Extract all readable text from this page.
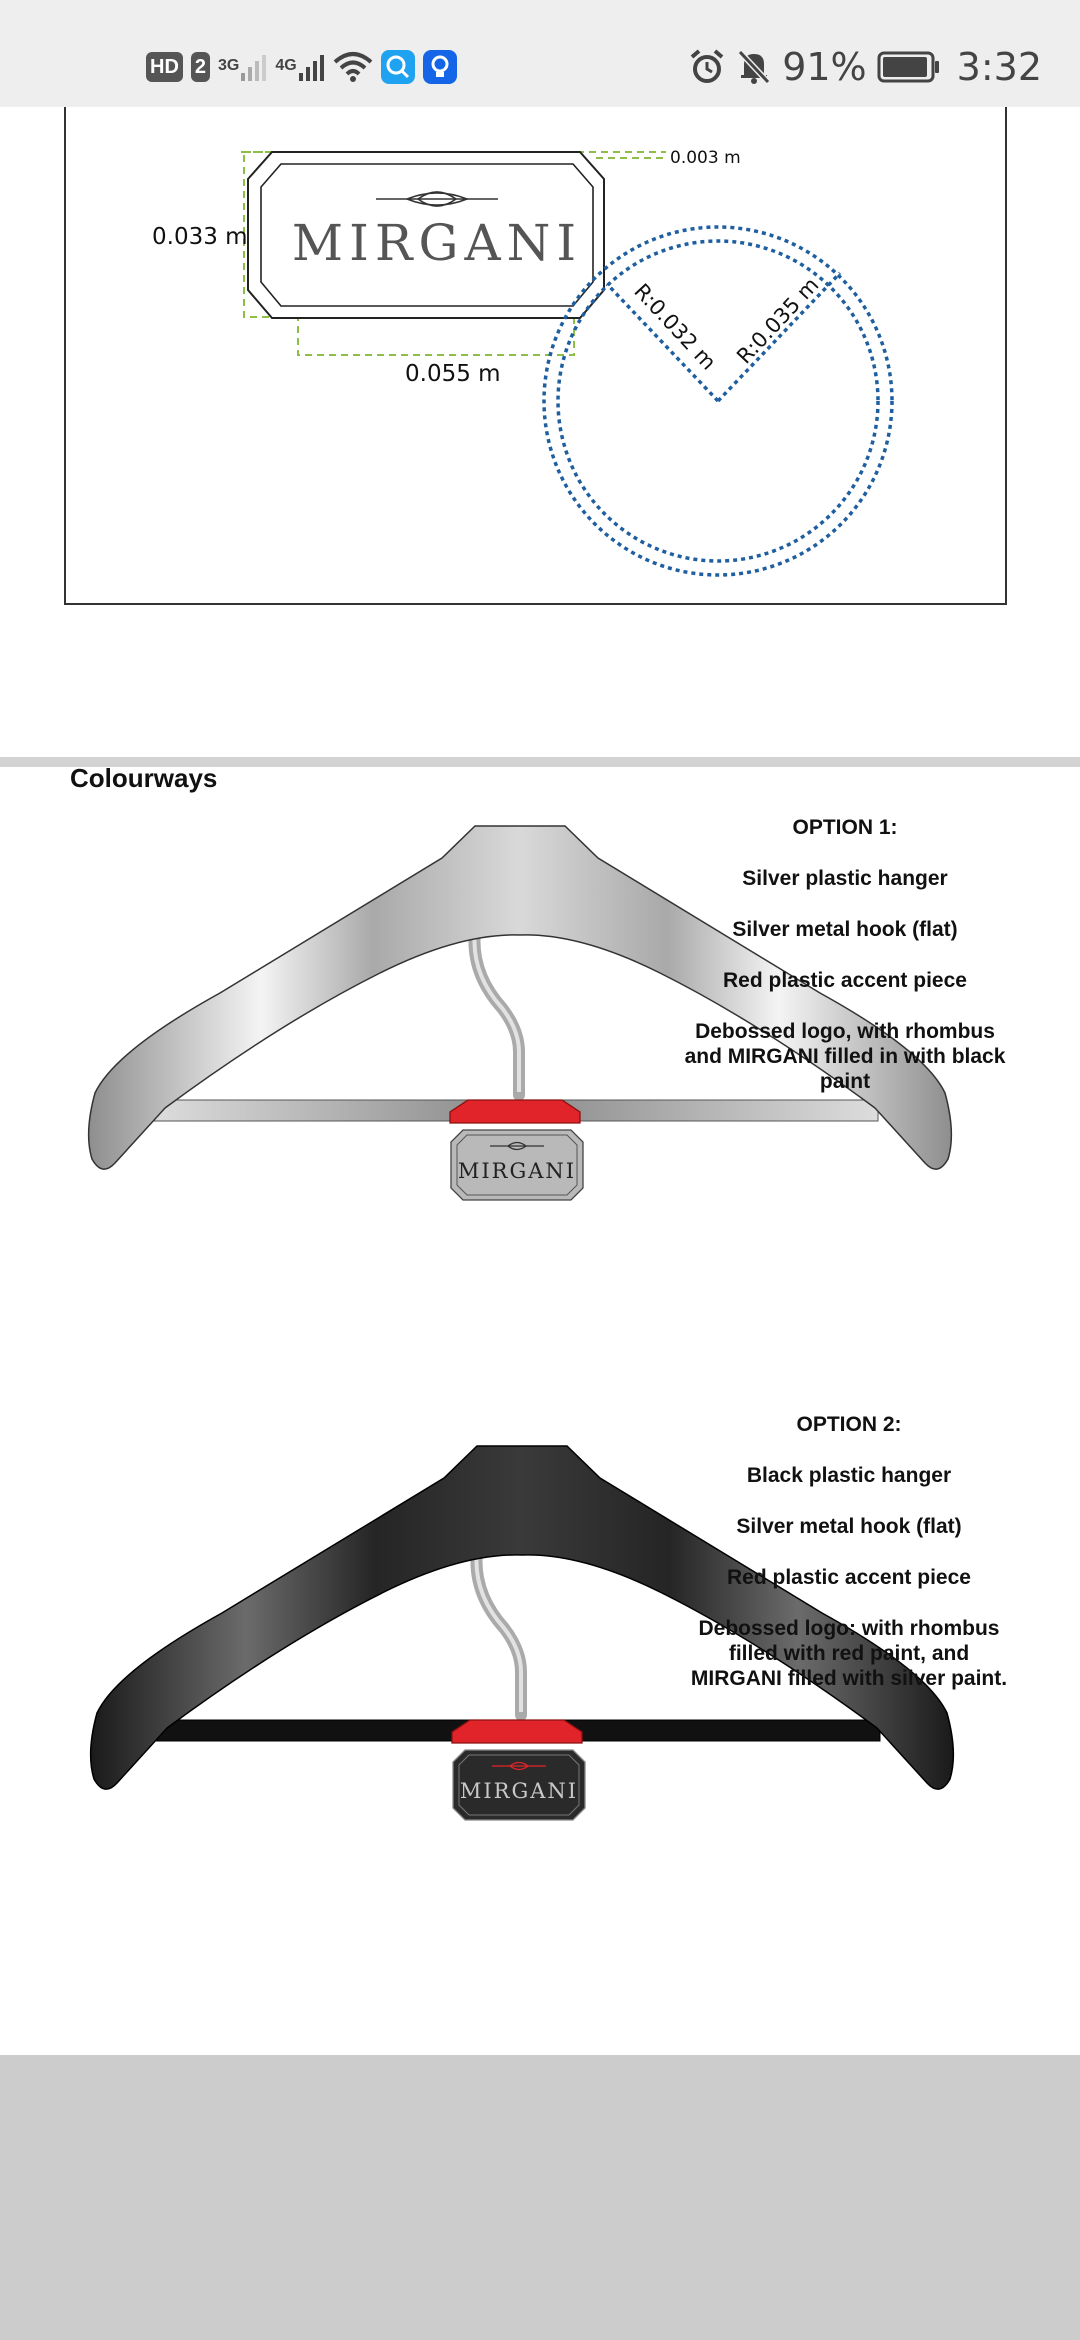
HD 2 3G 4G	91% 3:32
MIRGANI
R:0.032 m R:0.035 m
0.033 m
0.055 m
0.003 m
Colourways
MIRGANI

OPTION 1:

Silver plastic hanger

Silver metal hook (flat)

Red plastic accent piece

Debossed logo, with rhombus and MIRGANI filled in with black paint

MIRGANI

OPTION 2:

Black plastic hanger

Silver metal hook (flat)

Red plastic accent piece

Debossed logo: with rhombus filled with red paint, and MIRGANI filled with silver paint.
